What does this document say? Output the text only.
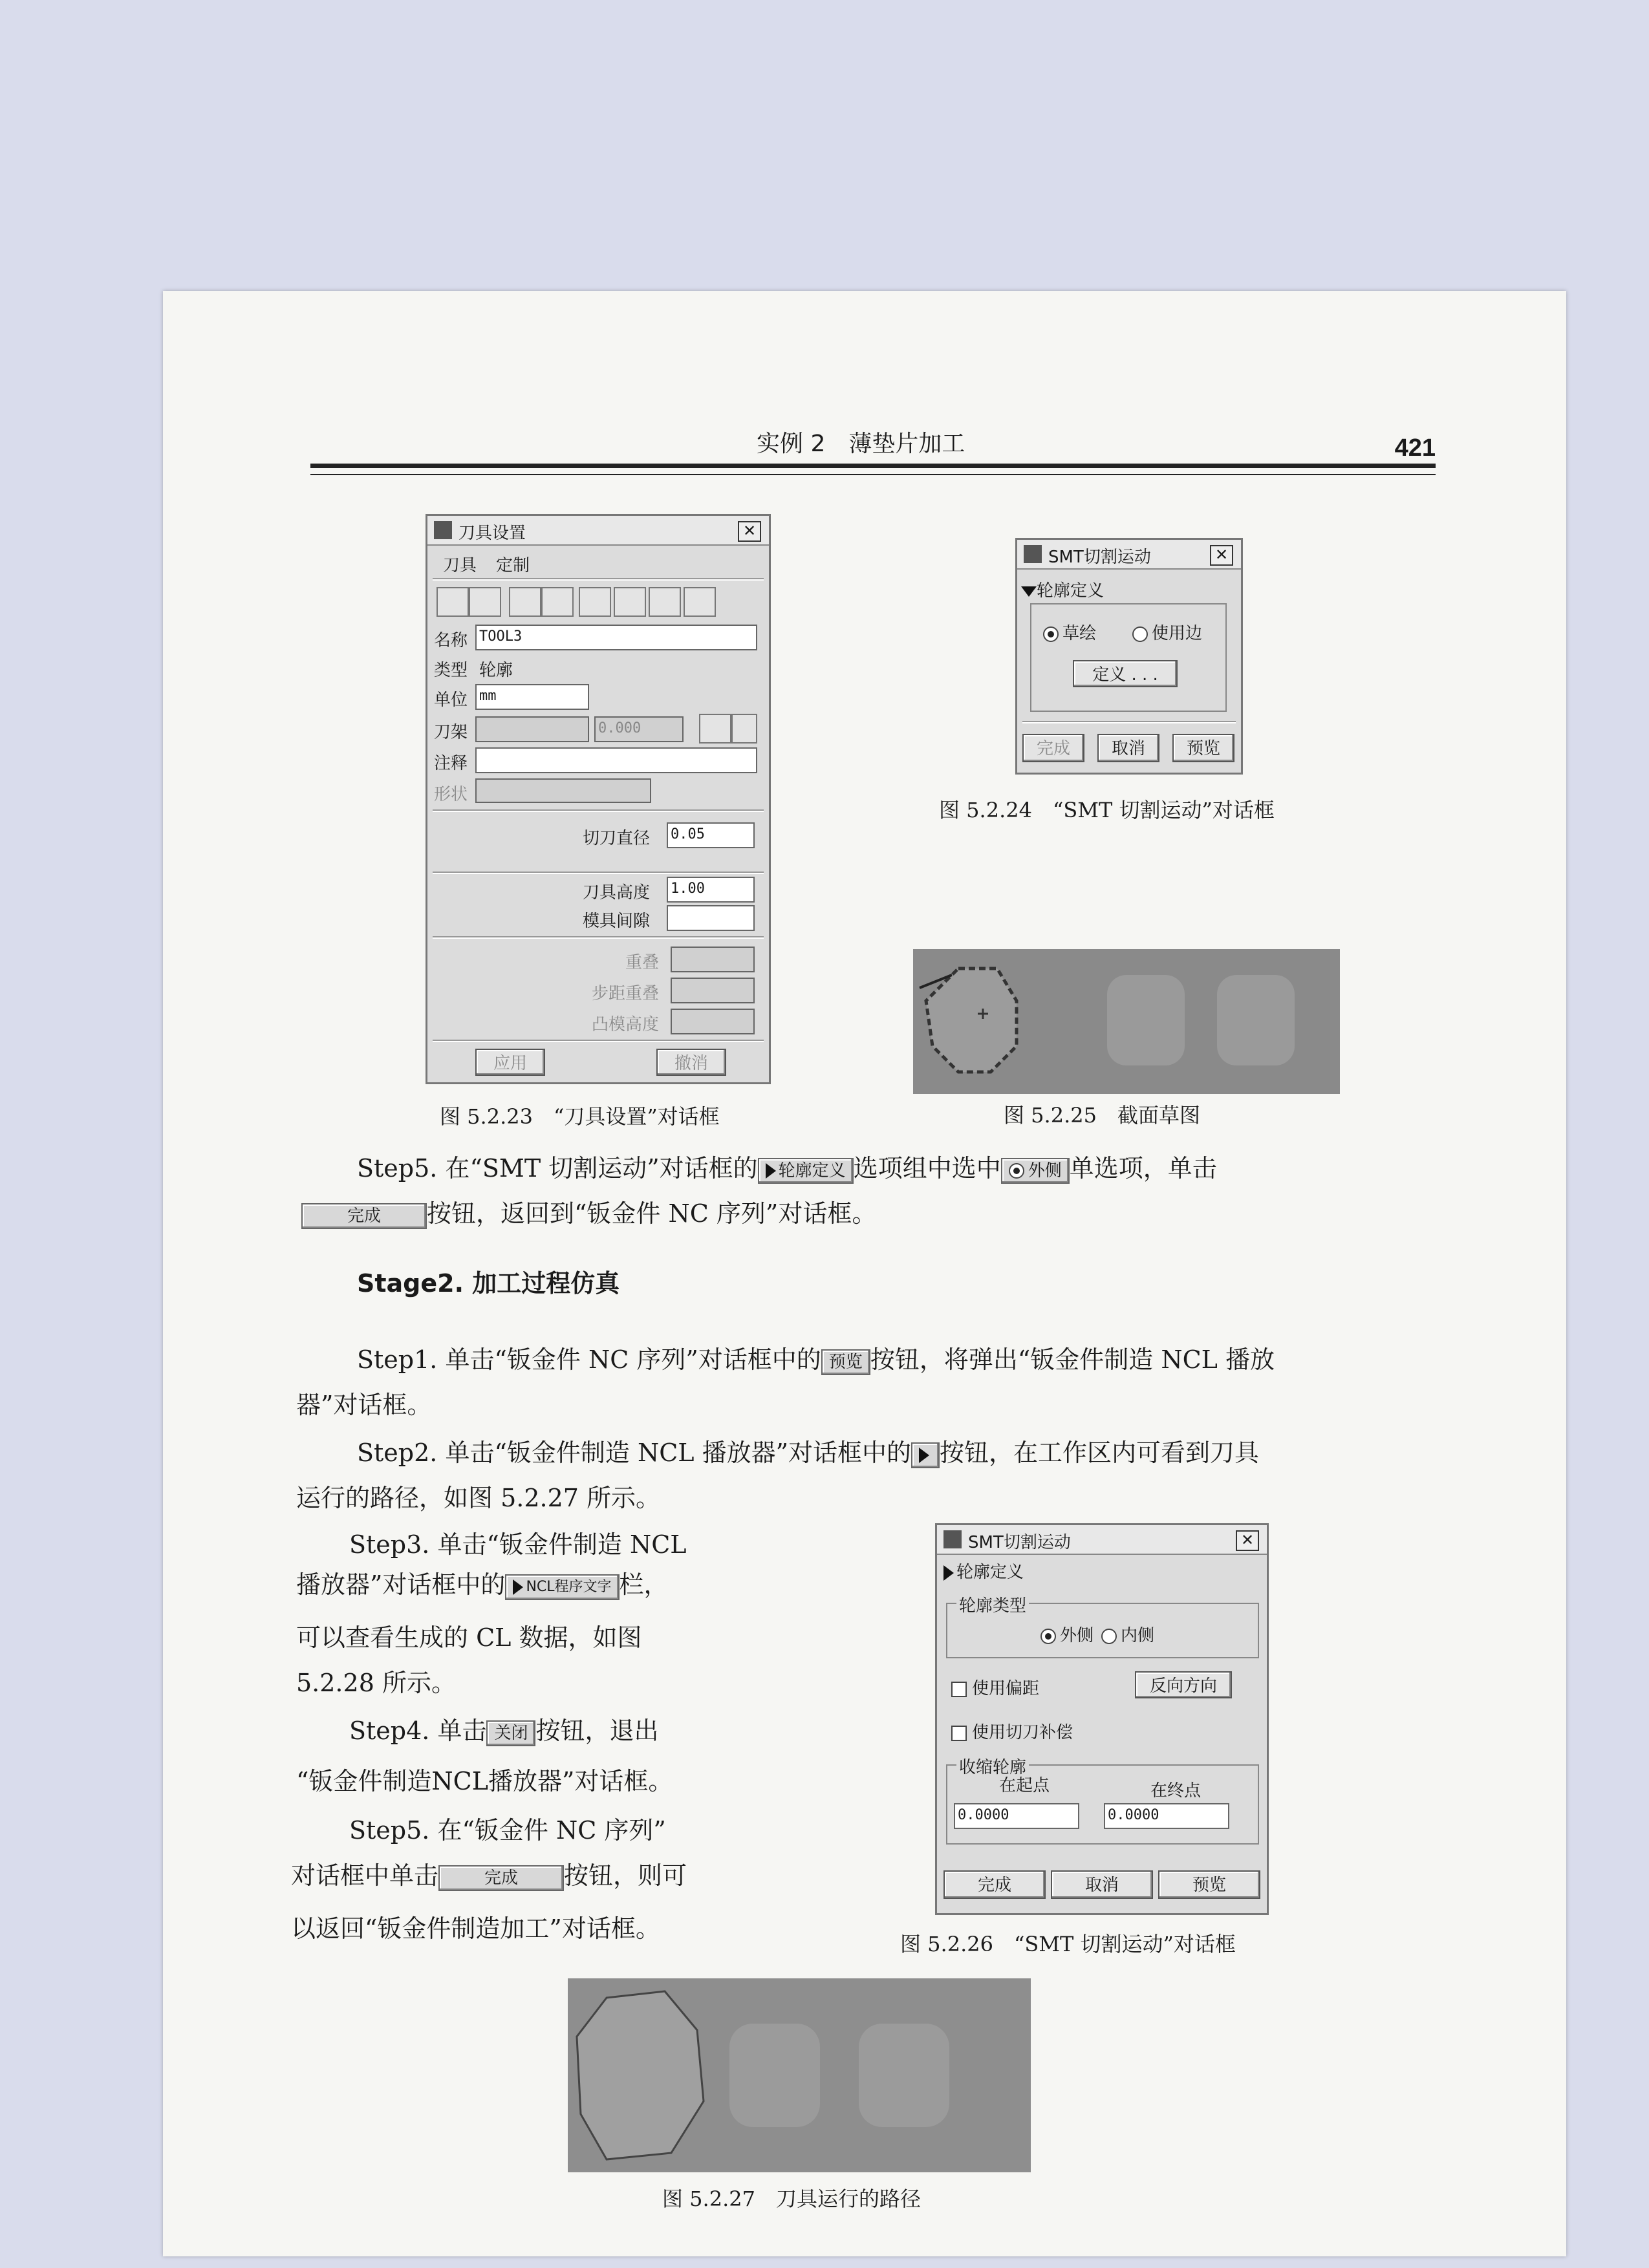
实例 2　薄垫片加工	421
刀具设置	✕
刀具 定制
名称 TOOL3
类型 轮廓
单位 mm
刀架	0.000
注释
形状
切刀直径 0.05
刀具高度 1.00
模具间隙
重叠
步距重叠
凸模高度
应用	撤消
图 5.2.23　“刀具设置”对话框
SMT切割运动	✕
轮廓定义
草绘	使用边
定义 . . .
完成	取消	预览
图 5.2.24　“SMT 切割运动”对话框
图 5.2.25　截面草图
Step5. 在“SMT 切割运动”对话框的 轮廓定义 选项组中选中 外侧 单选项，单击
完成 按钮，返回到“钣金件 NC 序列”对话框。
Stage2. 加工过程仿真
Step1. 单击“钣金件 NC 序列”对话框中的 预览 按钮，将弹出“钣金件制造 NCL 播放
器”对话框。
Step2. 单击“钣金件制造 NCL 播放器”对话框中的 按钮，在工作区内可看到刀具
运行的路径，如图 5.2.27 所示。
Step3. 单击“钣金件制造 NCL
播放器”对话框中的 NCL程序文字 栏，
可以查看生成的 CL 数据，如图
5.2.28 所示。
Step4. 单击 关闭 按钮，退出
“钣金件制造NCL播放器”对话框。
Step5. 在“钣金件 NC 序列”
对话框中单击	完成 按钮，则可
以返回“钣金件制造加工”对话框。
SMT切割运动	✕
轮廓定义
轮廓类型
外侧	内侧
使用偏距	反向方向
使用切刀补偿
收缩轮廓
在起点	在终点
0.0000	0.0000
完成	取消	预览
图 5.2.26　“SMT 切割运动”对话框
图 5.2.27　刀具运行的路径
